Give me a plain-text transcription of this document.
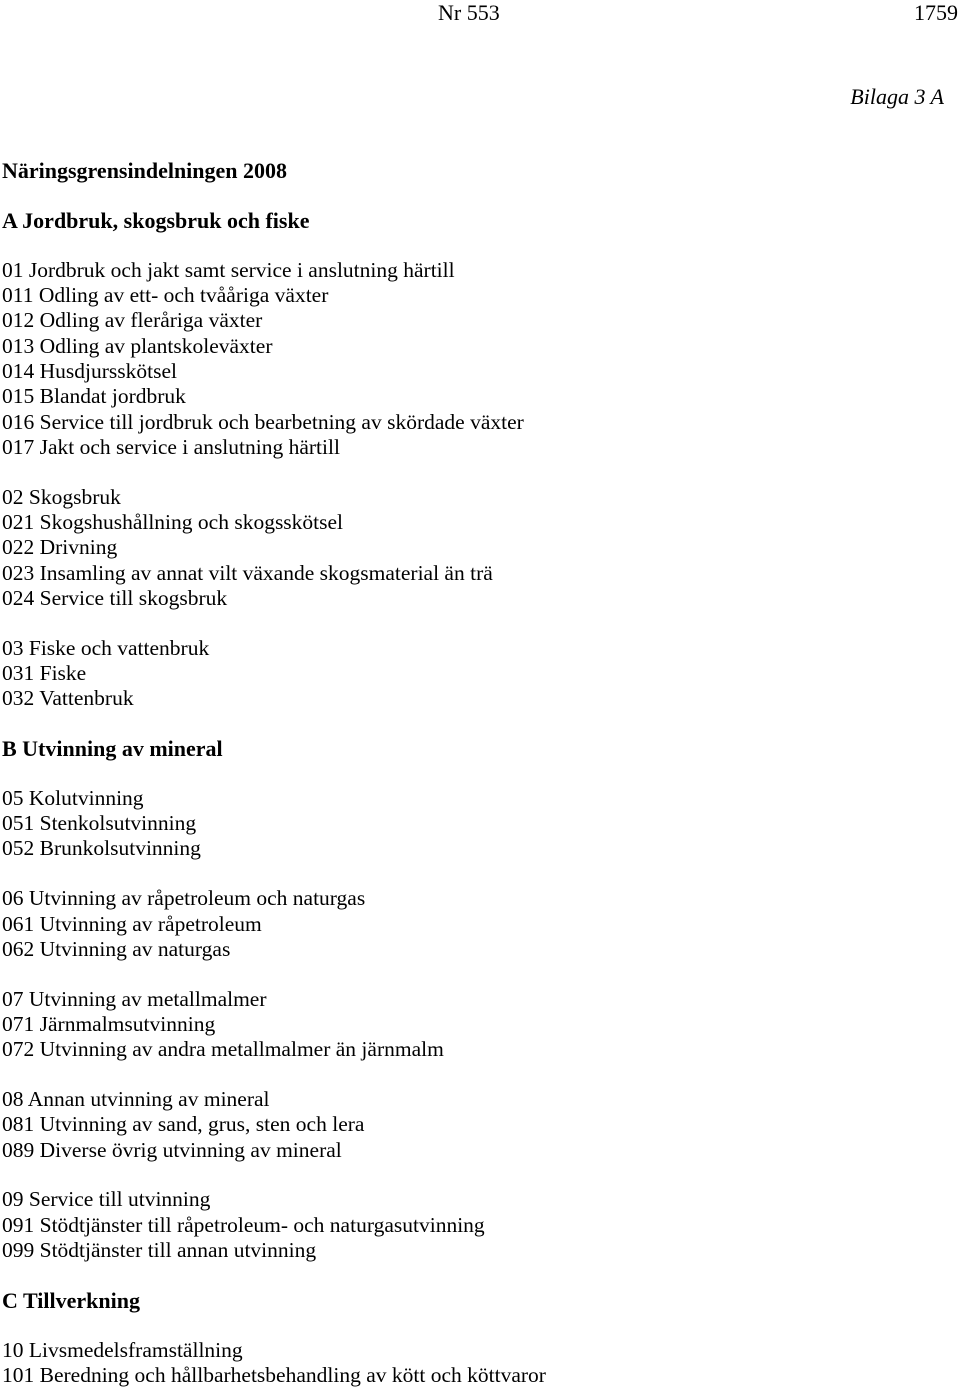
Nr 553	1759
Bilaga 3 A
Näringsgrensindelningen 2008
A Jordbruk, skogsbruk och fiske
01 Jordbruk och jakt samt service i anslutning härtill
011 Odling av ett- och tvååriga växter
012 Odling av fleråriga växter
013 Odling av plantskoleväxter
014 Husdjursskötsel
015 Blandat jordbruk
016 Service till jordbruk och bearbetning av skördade växter
017 Jakt och service i anslutning härtill
02 Skogsbruk
021 Skogshushållning och skogsskötsel
022 Drivning
023 Insamling av annat vilt växande skogsmaterial än trä
024 Service till skogsbruk
03 Fiske och vattenbruk
031 Fiske
032 Vattenbruk
B Utvinning av mineral
05 Kolutvinning
051 Stenkolsutvinning
052 Brunkolsutvinning
06 Utvinning av råpetroleum och naturgas
061 Utvinning av råpetroleum
062 Utvinning av naturgas
07 Utvinning av metallmalmer
071 Järnmalmsutvinning
072 Utvinning av andra metallmalmer än järnmalm
08 Annan utvinning av mineral
081 Utvinning av sand, grus, sten och lera
089 Diverse övrig utvinning av mineral
09 Service till utvinning
091 Stödtjänster till råpetroleum- och naturgasutvinning
099 Stödtjänster till annan utvinning
C Tillverkning
10 Livsmedelsframställning
101 Beredning och hållbarhetsbehandling av kött och köttvaror
